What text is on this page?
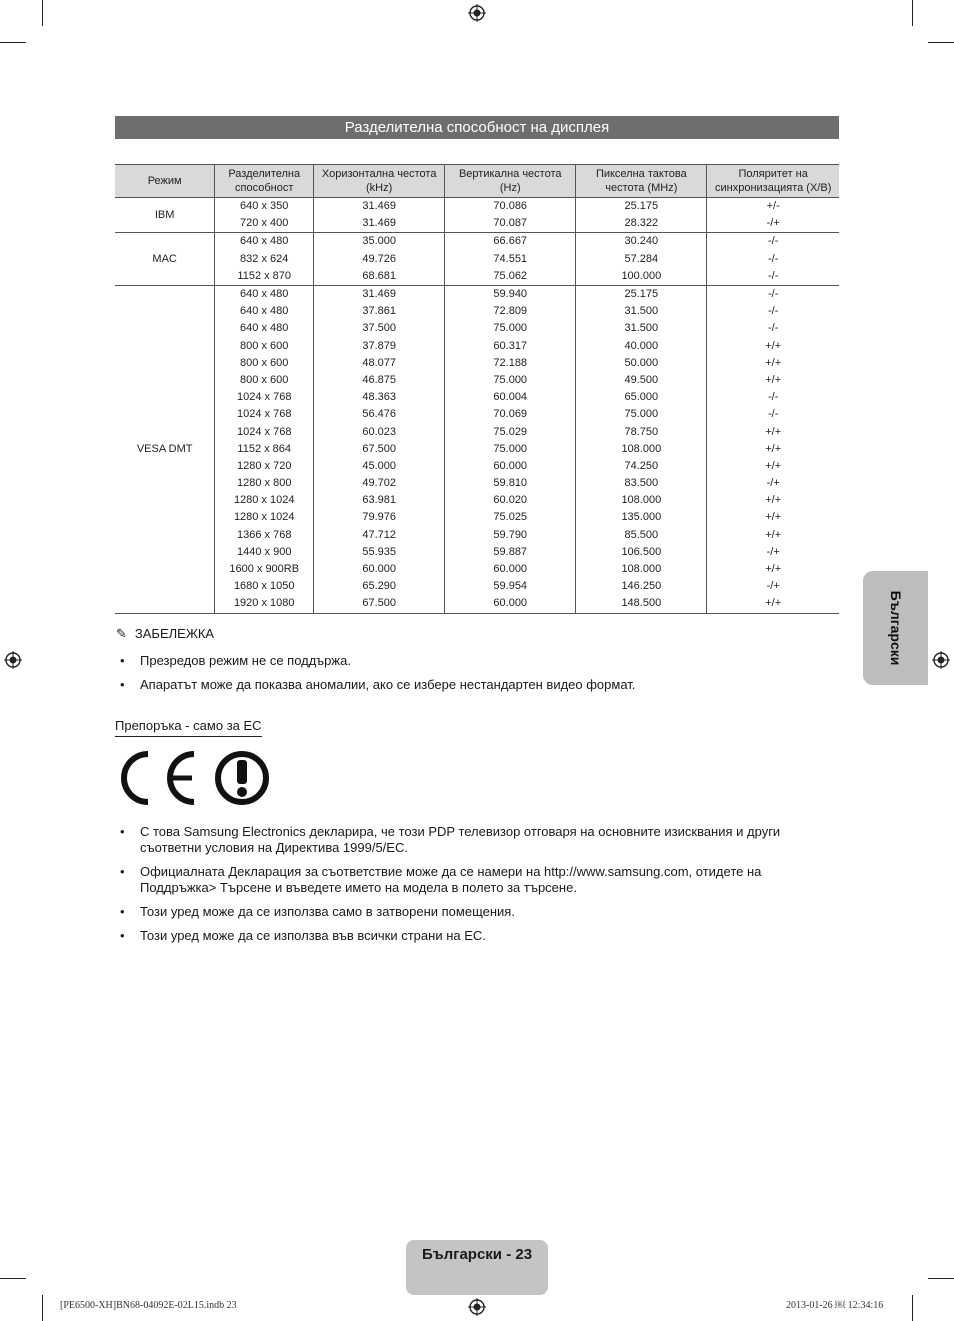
Разделителна способност на дисплея
Режим	Разделителна способност	Хоризонтална честота (kHz)	Вертикална честота (Hz)	Пикселна тактова честота (MHz)	Поляритет на синхронизацията (Х/В)
IBM	640 x 350	31.469	70.086	25.175	+/-
	720 x 400	31.469	70.087	28.322	-/+
MAC	640 x 480	35.000	66.667	30.240	-/-
	832 x 624	49.726	74.551	57.284	-/-
	1152 x 870	68.681	75.062	100.000	-/-
VESA DMT	640 x 480	31.469	59.940	25.175	-/-
	640 x 480	37.861	72.809	31.500	-/-
	640 x 480	37.500	75.000	31.500	-/-
	800 x 600	37.879	60.317	40.000	+/+
	800 x 600	48.077	72.188	50.000	+/+
	800 x 600	46.875	75.000	49.500	+/+
	1024 x 768	48.363	60.004	65.000	-/-
	1024 x 768	56.476	70.069	75.000	-/-
	1024 x 768	60.023	75.029	78.750	+/+
	1152 x 864	67.500	75.000	108.000	+/+
	1280 x 720	45.000	60.000	74.250	+/+
	1280 x 800	49.702	59.810	83.500	-/+
	1280 x 1024	63.981	60.020	108.000	+/+
	1280 x 1024	79.976	75.025	135.000	+/+
	1366 x 768	47.712	59.790	85.500	+/+
	1440 x 900	55.935	59.887	106.500	-/+
	1600 x 900RB	60.000	60.000	108.000	+/+
	1680 x 1050	65.290	59.954	146.250	-/+
	1920 x 1080	67.500	60.000	148.500	+/+
✎ ЗАБЕЛЕЖКА
• Презредов режим не се поддържа.
• Апаратът може да показва аномалии, ако се избере нестандартен видео формат.
Препоръка - само за ЕС
• С това Samsung Electronics декларира, че този PDP телевизор отговаря на основните изисквания и други съответни условия на Директива 1999/5/ЕС.
• Официалната Декларация за съответствие може да се намери на http://www.samsung.com, отидете на Поддръжка> Търсене и въведете името на модела в полето за търсене.
• Този уред може да се използва само в затворени помещения.
• Този уред може да се използва във всички страни на ЕС.
Български
Български - 23
[PE6500-XH]BN68-04092E-02L15.indb 23	2013-01-26 ￼ 12:34:16
